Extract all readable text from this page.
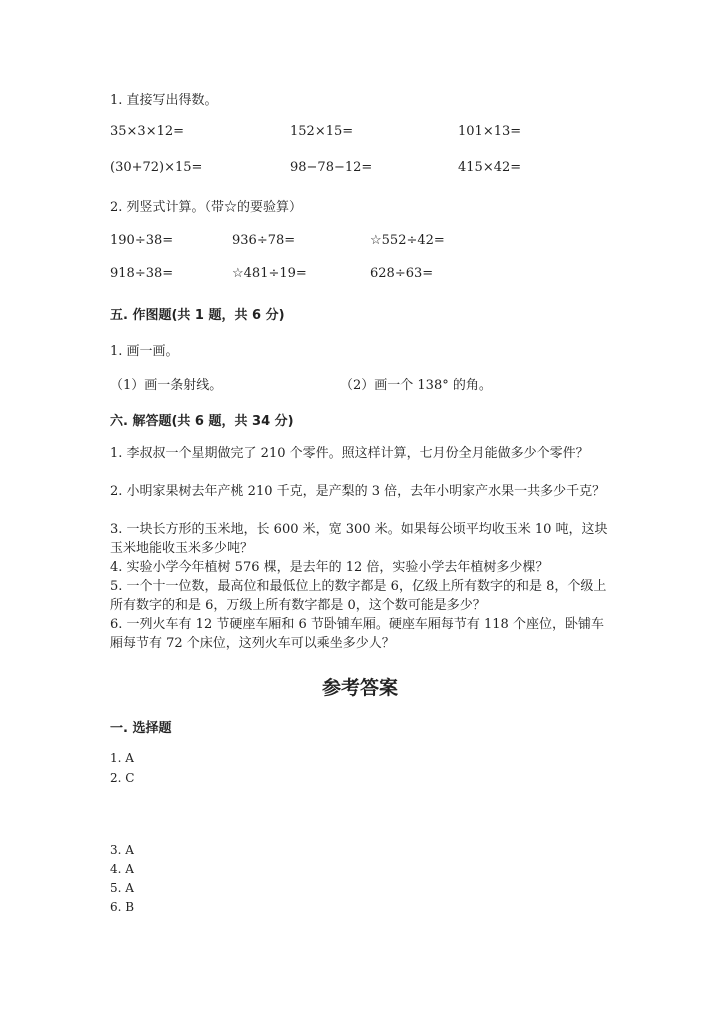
1. 直接写出得数。
35×3×12=	152×15=	101×13=
(30+72)×15=	98−78−12=	415×42=
2. 列竖式计算。（带☆的要验算）
190÷38=	936÷78=	☆552÷42=
918÷38=	☆481÷19=	628÷63=
五. 作图题(共 1 题，共 6 分)
1. 画一画。
（1）画一条射线。	（2）画一个 138° 的角。
六. 解答题(共 6 题，共 34 分)
1. 李叔叔一个星期做完了 210 个零件。照这样计算，七月份全月能做多少个零件？
2. 小明家果树去年产桃 210 千克，是产梨的 3 倍，去年小明家产水果一共多少千克？
3. 一块长方形的玉米地，长 600 米，宽 300 米。如果每公顷平均收玉米 10 吨，这块玉米地能收玉米多少吨？
4. 实验小学今年植树 576 棵，是去年的 12 倍，实验小学去年植树多少棵？
5. 一个十一位数，最高位和最低位上的数字都是 6，亿级上所有数字的和是 8，个级上所有数字的和是 6，万级上所有数字都是 0，这个数可能是多少？
6. 一列火车有 12 节硬座车厢和 6 节卧铺车厢。硬座车厢每节有 118 个座位，卧铺车厢每节有 72 个床位，这列火车可以乘坐多少人？
参考答案
一. 选择题
1. A
2. C
3. A
4. A
5. A
6. B
